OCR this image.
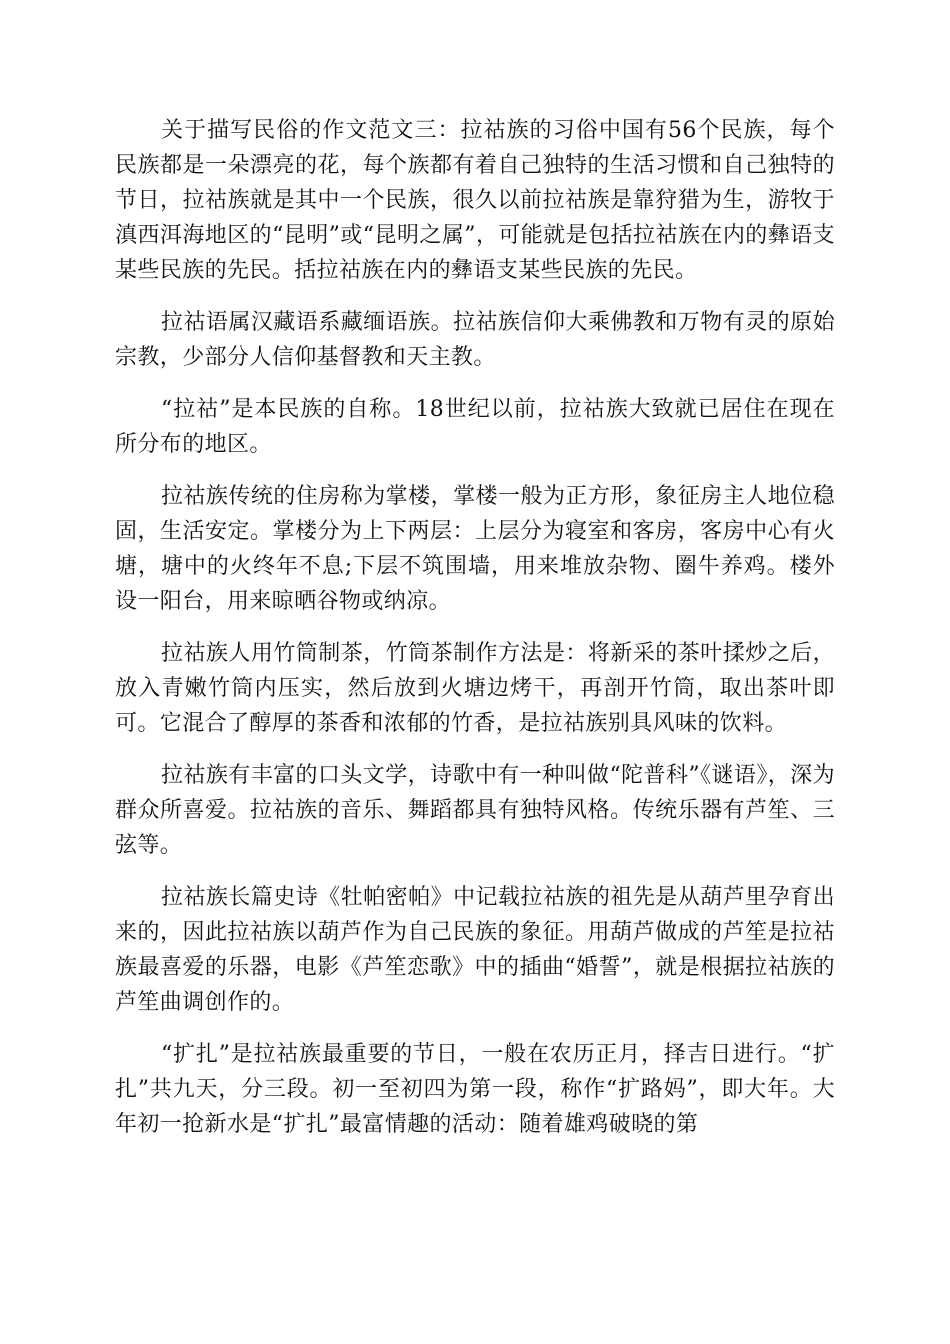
关于描写民俗的作文范文三：拉祜族的习俗中国有56个民族，每个民族都是一朵漂亮的花，每个族都有着自己独特的生活习惯和自己独特的节日，拉祜族就是其中一个民族，很久以前拉祜族是靠狩猎为生，游牧于滇西洱海地区的“昆明”或“昆明之属”，可能就是包括拉祜族在内的彝语支某些民族的先民。括拉祜族在内的彝语支某些民族的先民。

拉祜语属汉藏语系藏缅语族。拉祜族信仰大乘佛教和万物有灵的原始宗教，少部分人信仰基督教和天主教。

“拉祜”是本民族的自称。18世纪以前，拉祜族大致就已居住在现在所分布的地区。

拉祜族传统的住房称为掌楼，掌楼一般为正方形，象征房主人地位稳固，生活安定。掌楼分为上下两层：上层分为寝室和客房，客房中心有火塘，塘中的火终年不息;下层不筑围墙，用来堆放杂物、圈牛养鸡。楼外设一阳台，用来晾晒谷物或纳凉。

拉祜族人用竹筒制茶，竹筒茶制作方法是：将新采的茶叶揉炒之后，放入青嫩竹筒内压实，然后放到火塘边烤干，再剖开竹筒，取出茶叶即可。它混合了醇厚的茶香和浓郁的竹香，是拉祜族别具风味的饮料。

拉祜族有丰富的口头文学，诗歌中有一种叫做“陀普科”《谜语》，深为群众所喜爱。拉祜族的音乐、舞蹈都具有独特风格。传统乐器有芦笙、三弦等。

拉祜族长篇史诗《牡帕密帕》中记载拉祜族的祖先是从葫芦里孕育出来的，因此拉祜族以葫芦作为自己民族的象征。用葫芦做成的芦笙是拉祜族最喜爱的乐器，电影《芦笙恋歌》中的插曲“婚誓”，就是根据拉祜族的芦笙曲调创作的。

“扩扎”是拉祜族最重要的节日，一般在农历正月，择吉日进行。“扩扎”共九天，分三段。初一至初四为第一段，称作“扩路妈”，即大年。大年初一抢新水是“扩扎”最富情趣的活动：随着雄鸡破晓的第
